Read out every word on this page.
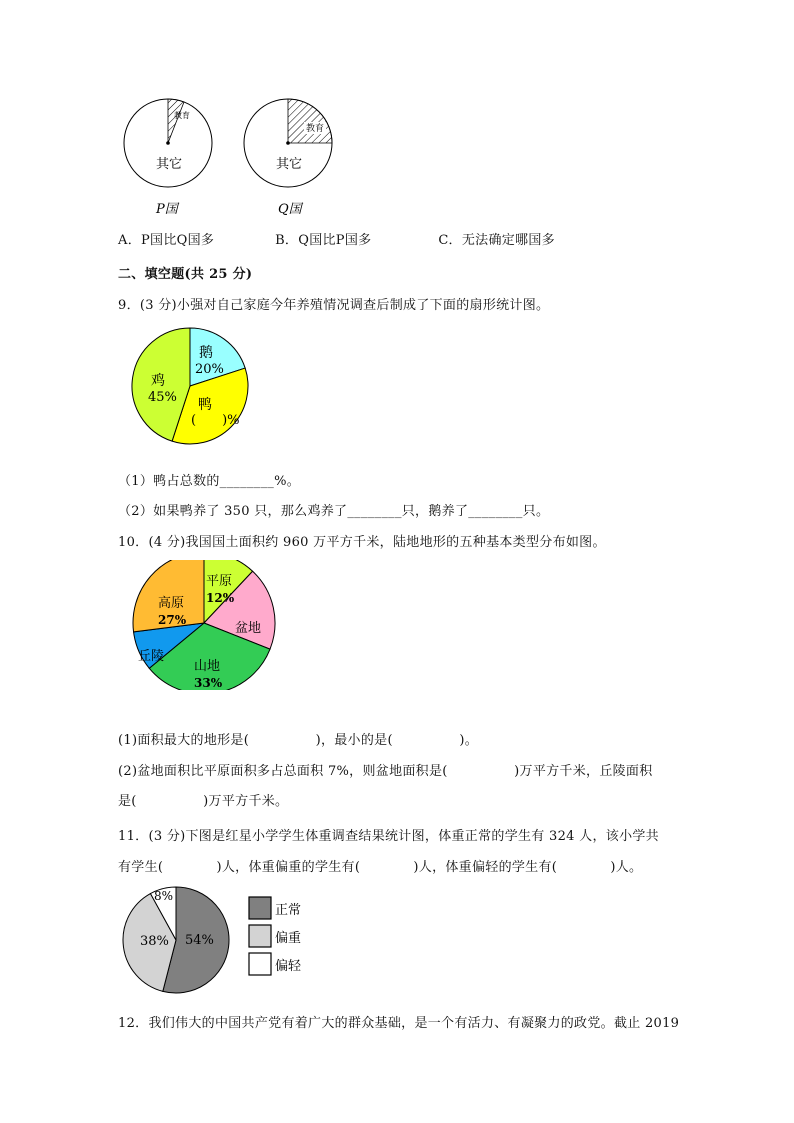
教育
其它
教育
其它
P国	Q国
A．P国比Q国多	B．Q国比P国多	C．无法确定哪国多
二、填空题(共 25 分)
9．(3 分)小强对自己家庭今年养殖情况调查后制成了下面的扇形统计图。
鹅
20%
鸭
(　　)%
鸡
45%
（1）鸭占总数的________%。
（2）如果鸭养了 350 只，那么鸡养了________只，鹅养了________只。
10．(4 分)我国国土面积约 960 万平方千米，陆地地形的五种基本类型分布如图。
平原
12%
盆地
山地
33%
丘陵
高原
27%
(1)面积最大的地形是(　　　　　)，最小的是(　　　　　)。
(2)盆地面积比平原面积多占总面积 7%，则盆地面积是(　　　　　)万平方千米，丘陵面积
是(　　　　　)万平方千米。
11．(3 分)下图是红星小学学生体重调查结果统计图，体重正常的学生有 324 人，该小学共
有学生(　　　　)人，体重偏重的学生有(　　　　)人，体重偏轻的学生有(　　　　)人。
54%
38%
8%
正常
偏重
偏轻
12．我们伟大的中国共产党有着广大的群众基础，是一个有活力、有凝聚力的政党。截止 2019
